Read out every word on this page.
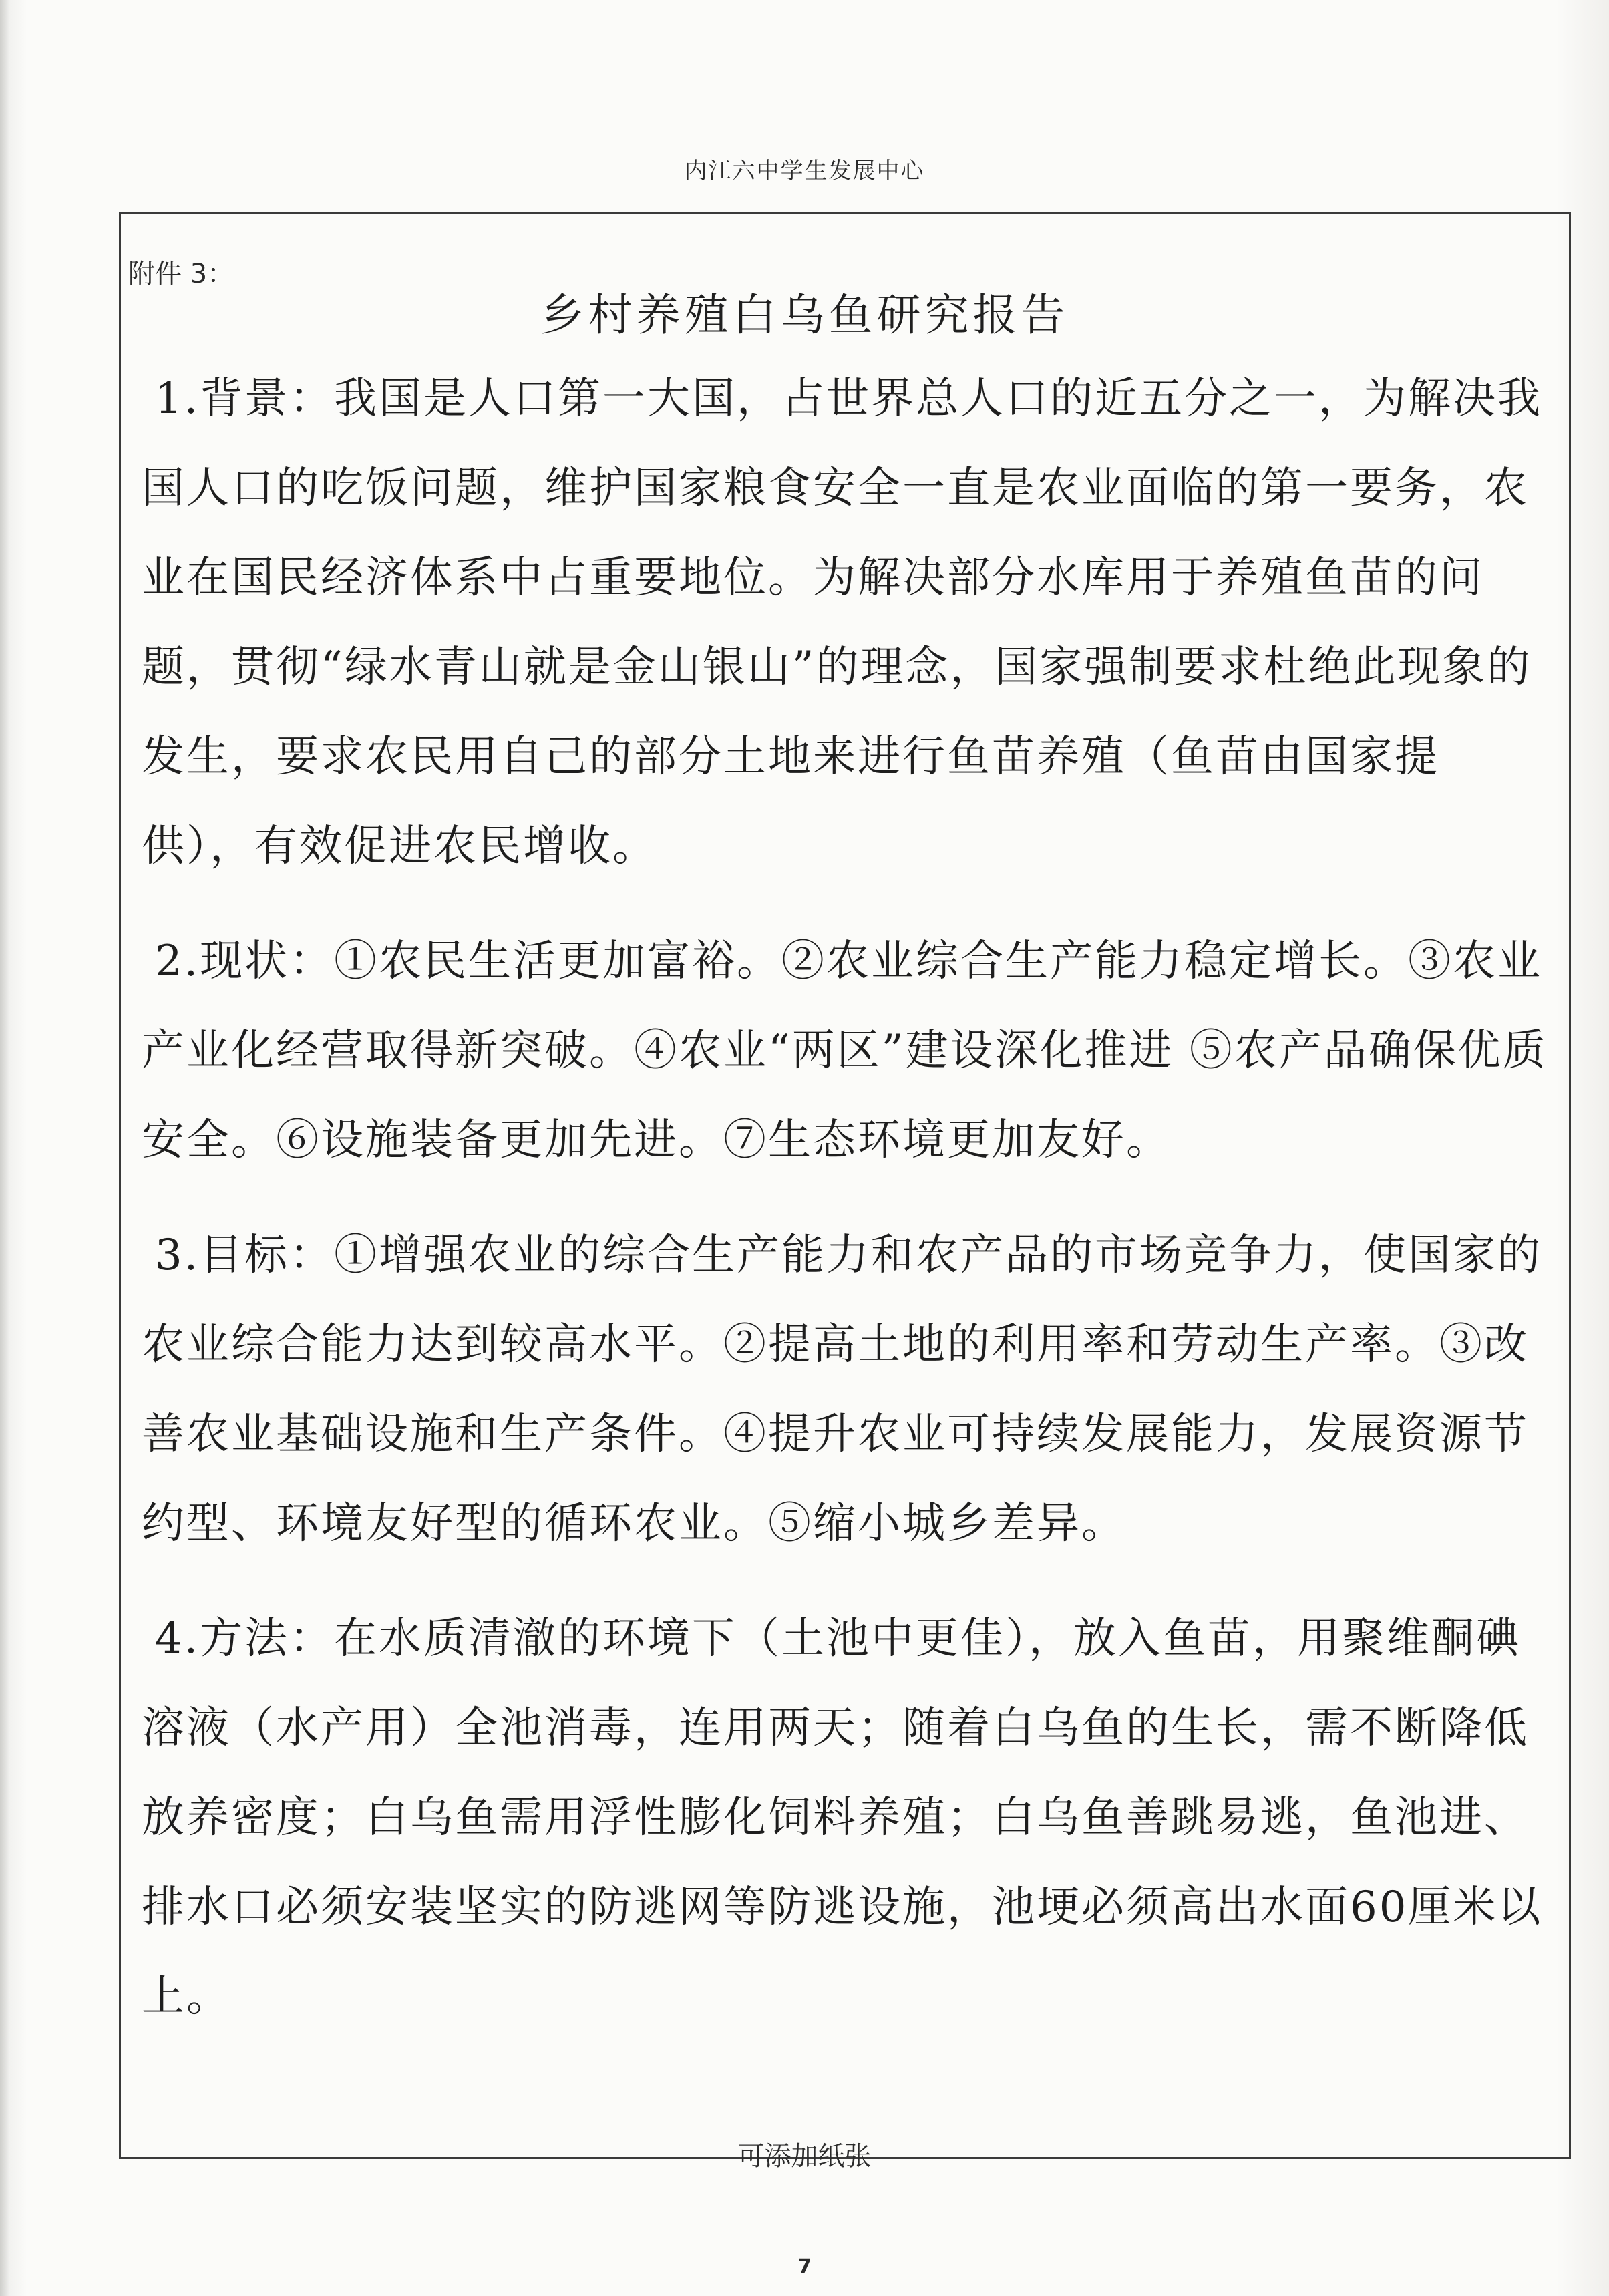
内江六中学生发展中心
附件 3：
乡村养殖白乌鱼研究报告

1.背景：我国是人口第一大国，占世界总人口的近五分之一，为解决我国人口的吃饭问题，维护国家粮食安全一直是农业面临的第一要务，农业在国民经济体系中占重要地位。为解决部分水库用于养殖鱼苗的问题，贯彻“绿水青山就是金山银山”的理念，国家强制要求杜绝此现象的发生，要求农民用自己的部分土地来进行鱼苗养殖（鱼苗由国家提供），有效促进农民增收。

2.现状：①农民生活更加富裕。②农业综合生产能力稳定增长。③农业产业化经营取得新突破。④农业“两区”建设深化推进 ⑤农产品确保优质安全。⑥设施装备更加先进。⑦生态环境更加友好。

3.目标：①增强农业的综合生产能力和农产品的市场竞争力，使国家的农业综合能力达到较高水平。②提高土地的利用率和劳动生产率。③改善农业基础设施和生产条件。④提升农业可持续发展能力，发展资源节约型、环境友好型的循环农业。⑤缩小城乡差异。

4.方法：在水质清澈的环境下（土池中更佳），放入鱼苗，用聚维酮碘溶液（水产用）全池消毒，连用两天；随着白乌鱼的生长，需不断降低放养密度；白乌鱼需用浮性膨化饲料养殖；白乌鱼善跳易逃，鱼池进、排水口必须安装坚实的防逃网等防逃设施，池埂必须高出水面60厘米以上。

可添加纸张
7
